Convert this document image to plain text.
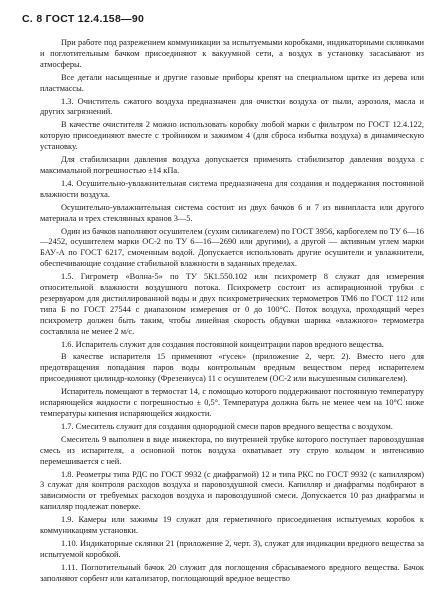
С. 8 ГОСТ 12.4.158—90

При работе под разрежением коммуникации за испытуемыми коробками, индикаторными склянками и поглотительным бачком присоединяют к вакуумной сети, а воздух в установку засасывают из атмосферы.

Все детали насыщенные и другие газовые приборы крепят на специальном щитке из дерева или пластмассы.

1.3. Очиститель сжатого воздуха предназначен для очистки воздуха от пыли, аэрозоля, масла и других загрязнений.

В качестве очистителя 2 можно использовать коробку любой марки с фильтром по ГОСТ 12.4.122, которую присоединяют вместе с тройником и зажимом 4 (для сброса избытка воздуха) в динамическую установку.

Для стабилизации давления воздуха допускается применять стабилизатор давления воздуха с максимальной погрешностью ±14 кПа.

1.4. Осушительно-увлажнительная система предназначена для создания и поддержания постоянной влажности воздуха.

Осушительно-увлажнительная система состоит из двух бачков 6 и 7 из винипласта или другого материала и трех стеклянных кранов 3—5.

Один из бачков наполняют осушителем (сухим силикагелем) по ГОСТ 3956, карбогелем по ТУ 6—16—2452, осушителем марки ОС-2 по ТУ 6—16—2690 или другими), а другой — активным углем марки БАУ-А по ГОСТ 6217, смоченным водой. Допускается использовать другие осушители и увлажнители, обеспечивающие создание стабильной влажности в заданных пределах.

1.5. Гигрометр «Волна-5» по ТУ 5К1.550.102 или психрометр 8 служат для измерения относительной влажности воздушного потока. Психрометр состоит из аспирационной трубки с резервуаром для дистиллированной воды и двух психрометрических термометров ТМ6 по ГОСТ 112 или типа Б по ГОСТ 27544 с диапазоном измерения от 0 до 100°С. Поток воздуха, проходящий через психрометр должен быть таким, чтобы линейная скорость обдувки шарика «влажного» термометра составляла не менее 2 м/с.

1.6. Испаритель служит для создания постоянной концентрации паров вредного вещества.

В качестве испарителя 15 применяют «гусек» (приложение 2, черт. 2). Вместо него для предотвращения попадания паров воды контрольным вредным веществом перед испарителем присоединяют цилиндр-колонку (Фрезениуса) 11 с осушителем (ОС-2 или высушенным силикагелем).

Испаритель помещают в термостат 14, с помощью которого поддерживают постоянную температуру испаряющейся жидкости с погрешностью ± 0,5°. Температура должна быть не менее чем на 10°С ниже температуры кипения испаряющейся жидкости.

1.7. Смеситель служит для создания однородной смеси паров вредного вещества с воздухом.

Смеситель 9 выполнен в виде инжектора, по внутренней трубке которого поступает паровоздушная смесь из испарителя, а основной поток воздуха охватывает эту струю кольцом и интенсивно перемешивается с ней.

1.8. Реометры типа РДС по ГОСТ 9932 (с диафрагмой) 12 и типа РКС по ГОСТ 9932 (с капилляром) 3 служат для контроля расходов воздуха и паровоздушной смеси. Капилляр и диафрагмы подбирают в зависимости от требуемых расходов воздуха и паровоздушной смеси. Допускается 10 раз диафрагмы и капилляр подлежат поверке.

1.9. Камеры или зажимы 19 служат для герметичного присоединения испытуемых коробок к коммуникациям установки.

1.10. Индикаторные склянки 21 (приложение 2, черт. 3), служат для индикации вредного вещества за испытуемой коробкой.

1.11. Поглотительный бачок 20 служит для поглощения сбрасываемого вредного вещества. Бачок заполняют сорбент или катализатор, поглощающий вредное вещество
